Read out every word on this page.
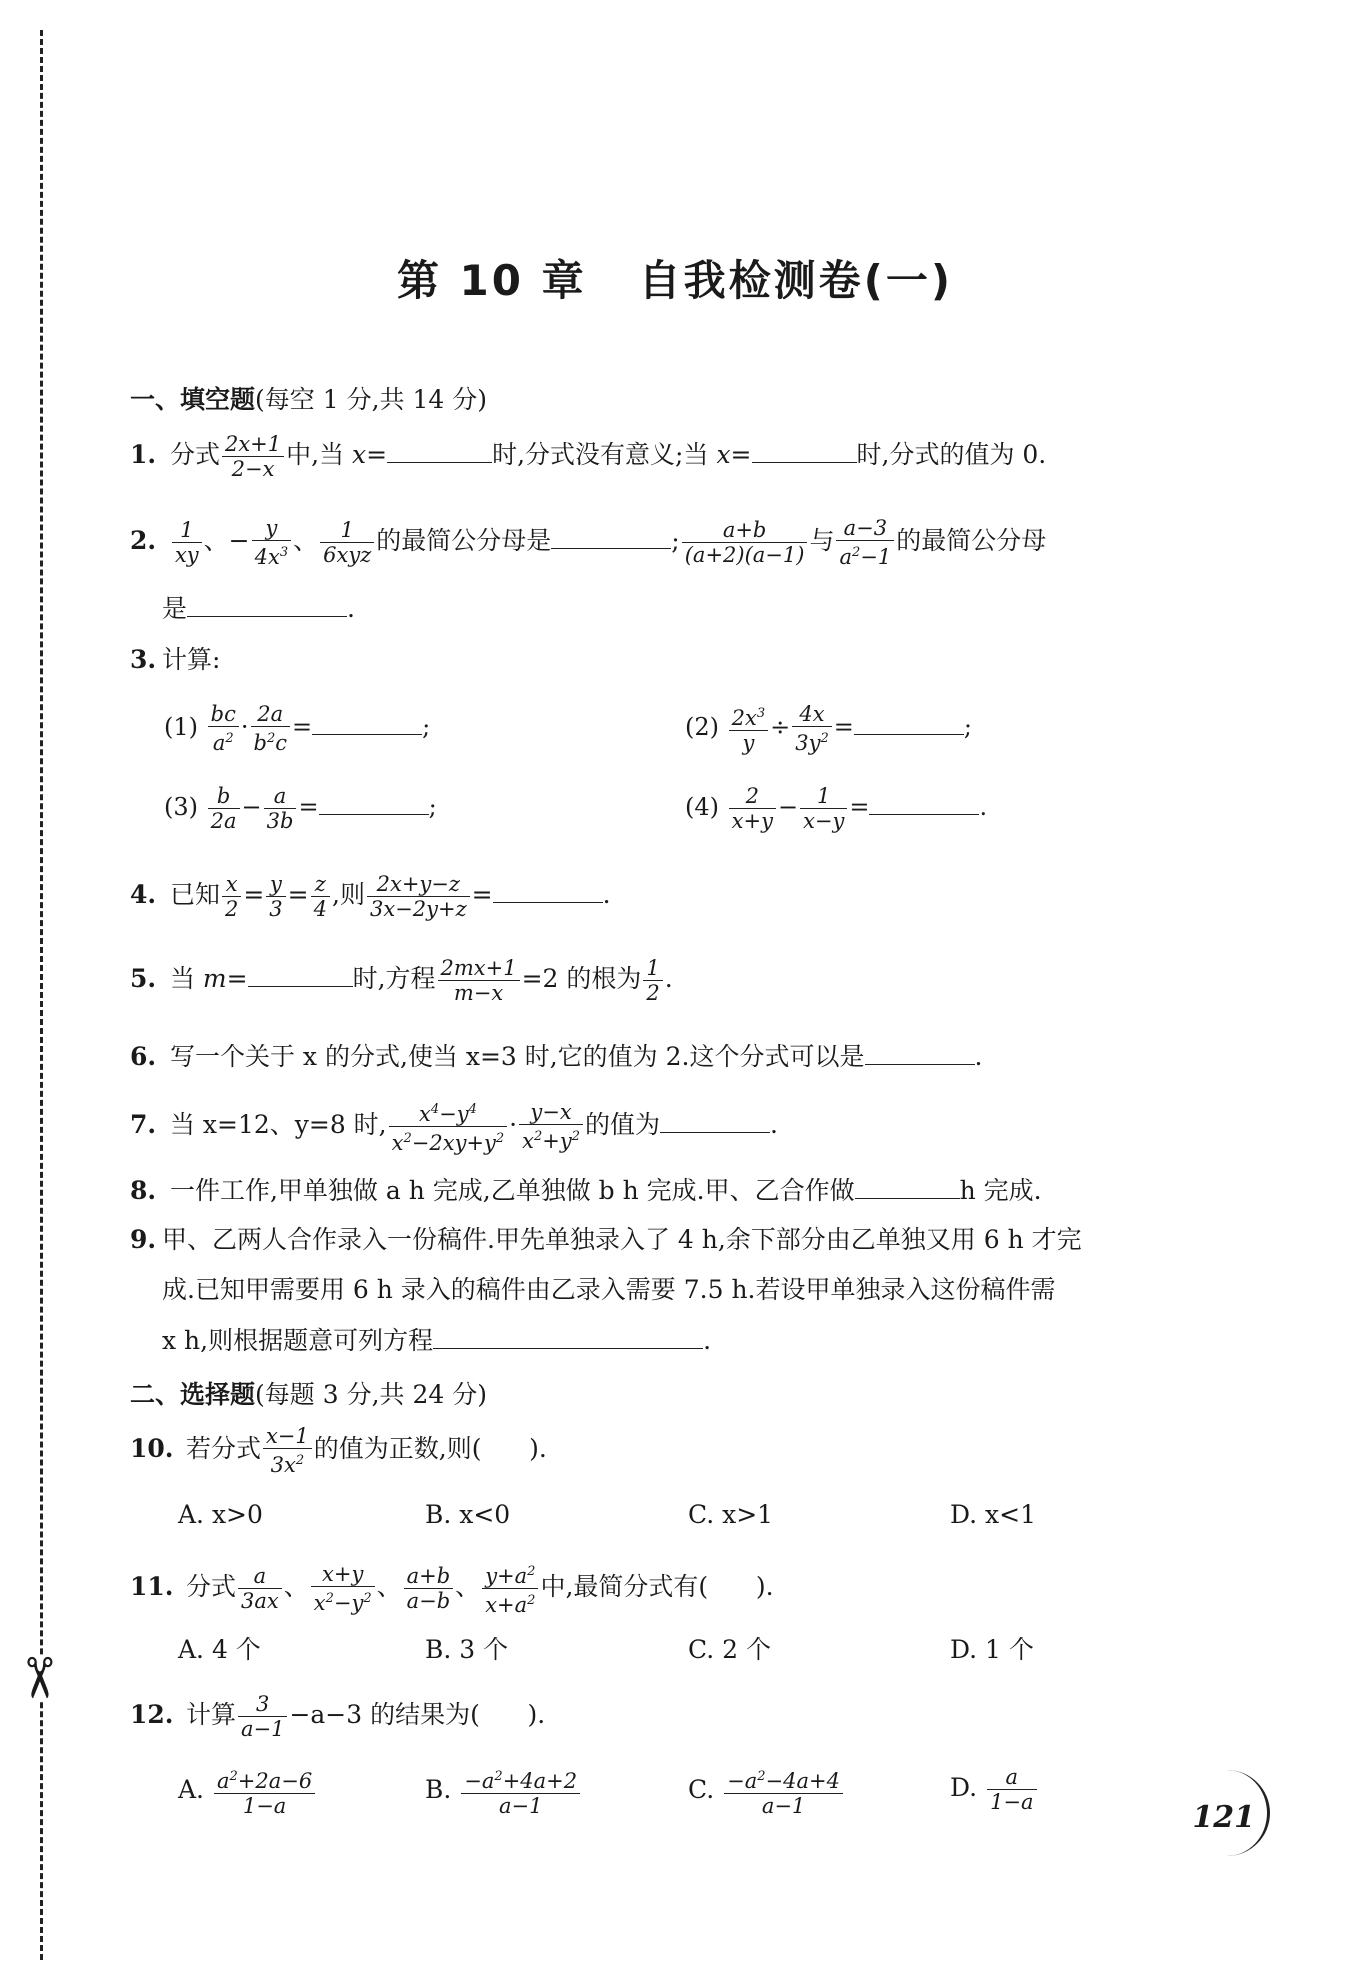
✂
第 10 章 自我检测卷(一)
一、填空题(每空 1 分,共 14 分)
1. 分式 $\frac{2x+1}{2-x}$ 中,当 x=	时,分式没有意义;当 x=	时,分式的值为 0.
2. $\frac{1}{xy}$ 、− $\frac{y}{4x^3}$ 、 $\frac{1}{\text{6xyz}}$ 的最简公分母是	; $\frac{a+b}{(a+2)(a-1)}$ 与 $\frac{a-3}{a^2-1}$ 的最简公分母
是	.
3. 计算:
$(1) \frac{bc}{a^2} \cdot \frac{2a}{b^2c}$ =	;	$(2) \frac{2x^3}{y} \div \frac{4x}{3y^2}$ =	;
$(3) \frac{b}{2a} - \frac{a}{3b}$ =	;	$(4) \frac{2}{x+y} - \frac{1}{x-y}$ =	.
4. 已知 $\frac{x}{2} = \frac{y}{3} = \frac{z}{4}$ ,则 $\frac{2x+y-z}{3x-2y+z}$ =	.
5. 当 m=	时,方程 $\frac{2mx+1}{m-x} =2$ 的根为 $\frac{1}{2}$ .
6. 写一个关于 x 的分式,使当 x=3 时,它的值为 2.这个分式可以是	.
7. 当 x=12、y=8 时, $\frac{x^4-y^4}{x^2-2xy+y^2} \cdot \frac{y-x}{x^2+y^2}$ 的值为	.
8. 一件工作,甲单独做 a h 完成,乙单独做 b h 完成.甲、乙合作做	h 完成.
9. 甲、乙两人合作录入一份稿件.甲先单独录入了 4 h,余下部分由乙单独又用 6 h 才完
成.已知甲需要用 6 h 录入的稿件由乙录入需要 7.5 h.若设甲单独录入这份稿件需
x h,则根据题意可列方程	.
二、选择题(每题 3 分,共 24 分)
10. 若分式 $\frac{x-1}{3x^2}$ 的值为正数,则( ).
A. x>0	B. x<0	C. x>1	D. x<1
11. 分式 $\frac{a}{3ax}$ 、 $\frac{x+y}{x^2-y^2}$ 、 $\frac{a+b}{a-b}$ 、 $\frac{y+a^2}{x+a^2}$ 中,最简分式有( ).
A. 4 个	B. 3 个	C. 2 个	D. 1 个
12. 计算 $\frac{3}{a-1} -a-3$ 的结果为( ).
A. $\frac{a^2+2a-6}{1-a}$	B. $\frac{-a^2+4a+2}{a-1}$	C. $\frac{-a^2-4a+4}{a-1}$	D. $\frac{a}{1-a}$
121
